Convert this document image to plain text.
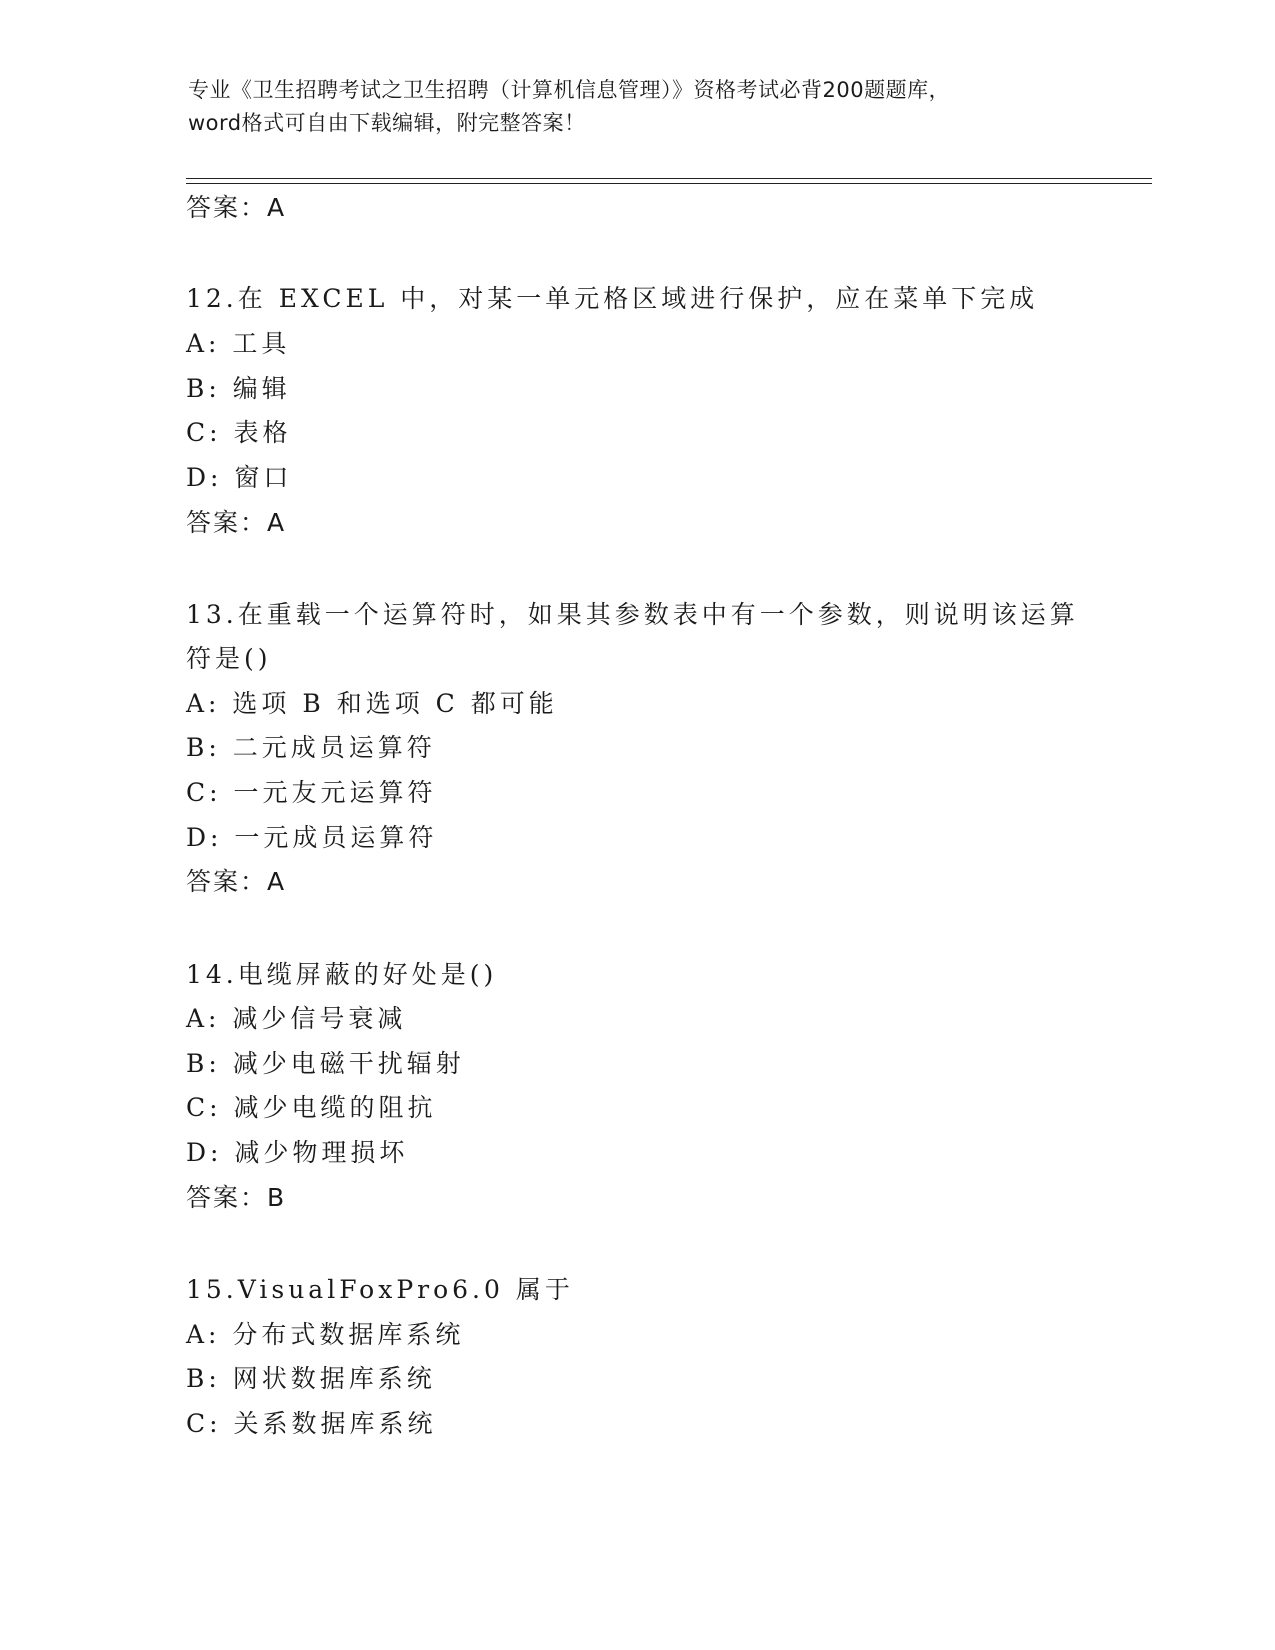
专业《卫生招聘考试之卫生招聘（计算机信息管理）》资格考试必背200题题库，
word格式可自由下载编辑，附完整答案！
答案：A
12.在 EXCEL 中，对某一单元格区域进行保护，应在菜单下完成
A: 工具
B: 编辑
C: 表格
D: 窗口
答案：A
13.在重载一个运算符时，如果其参数表中有一个参数，则说明该运算
符是()
A: 选项 B 和选项 C 都可能
B: 二元成员运算符
C: 一元友元运算符
D: 一元成员运算符
答案：A
14.电缆屏蔽的好处是()
A: 减少信号衰减
B: 减少电磁干扰辐射
C: 减少电缆的阻抗
D: 减少物理损坏
答案：B
15.VisualFoxPro6.0 属于
A: 分布式数据库系统
B: 网状数据库系统
C: 关系数据库系统
